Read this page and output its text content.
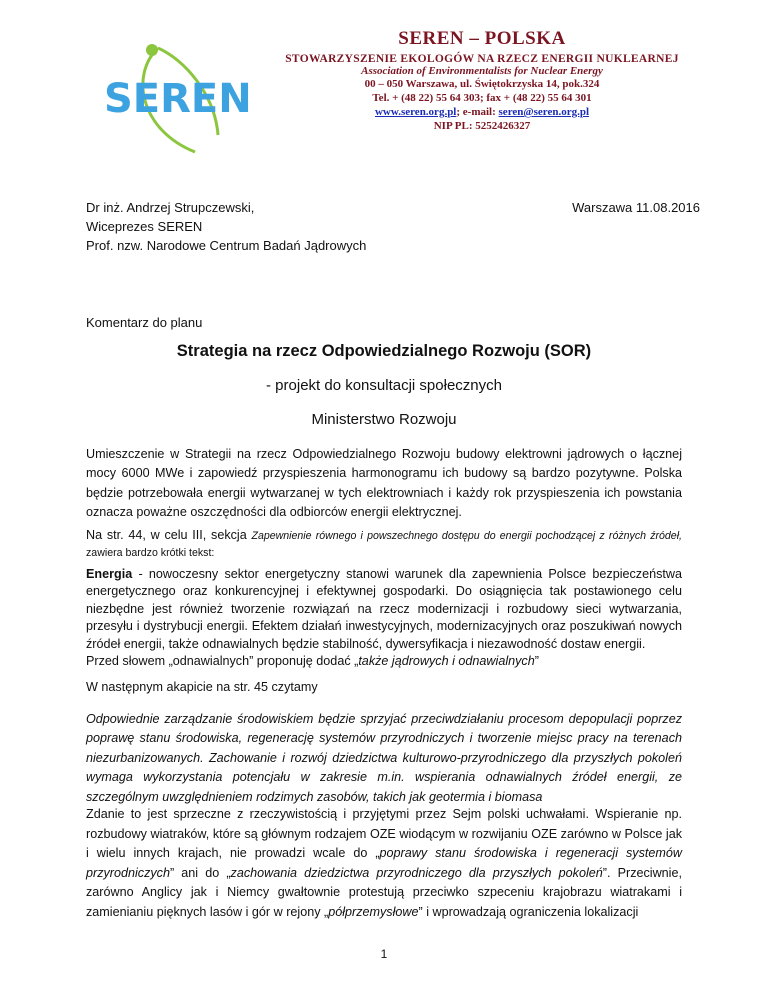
SEREN
SEREN – POLSKA
STOWARZYSZENIE EKOLOGÓW NA RZECZ ENERGII NUKLEARNEJ
Association of Environmentalists for Nuclear Energy
00 – 050 Warszawa, ul. Świętokrzyska 14, pok.324
Tel. + (48 22) 55 64 303; fax + (48 22) 55 64 301
www.seren.org.pl; e-mail: seren@seren.org.pl
NIP PL: 5252426327
Dr inż. Andrzej Strupczewski,
Wiceprezes SEREN
Prof. nzw. Narodowe Centrum Badań Jądrowych
Warszawa 11.08.2016
Komentarz do planu
Strategia na rzecz Odpowiedzialnego Rozwoju (SOR)
- projekt do konsultacji społecznych
Ministerstwo Rozwoju
Umieszczenie w Strategii na rzecz Odpowiedzialnego Rozwoju budowy elektrowni jądrowych o łącznej mocy 6000 MWe i zapowiedź przyspieszenia harmonogramu ich budowy są bardzo pozytywne. Polska będzie potrzebowała energii wytwarzanej w tych elektrowniach i każdy rok przyspieszenia ich powstania oznacza poważne oszczędności dla odbiorców energii elektrycznej.
Na str. 44, w celu III, sekcja Zapewnienie równego i powszechnego dostępu do energii pochodzącej z różnych źródeł, zawiera bardzo krótki tekst:
Energia - nowoczesny sektor energetyczny stanowi warunek dla zapewnienia Polsce bezpieczeństwa energetycznego oraz konkurencyjnej i efektywnej gospodarki. Do osiągnięcia tak postawionego celu niezbędne jest również tworzenie rozwiązań na rzecz modernizacji i rozbudowy sieci wytwarzania, przesyłu i dystrybucji energii. Efektem działań inwestycyjnych, modernizacyjnych oraz poszukiwań nowych źródeł energii, także odnawialnych będzie stabilność, dywersyfikacja i niezawodność dostaw energii.
Przed słowem „odnawialnych” proponuję dodać „także jądrowych i odnawialnych”
W następnym akapicie na str. 45 czytamy
Odpowiednie zarządzanie środowiskiem będzie sprzyjać przeciwdziałaniu procesom depopulacji poprzez poprawę stanu środowiska, regenerację systemów przyrodniczych i tworzenie miejsc pracy na terenach niezurbanizowanych. Zachowanie i rozwój dziedzictwa kulturowo-przyrodniczego dla przyszłych pokoleń wymaga wykorzystania potencjału w zakresie m.in. wspierania odnawialnych źródeł energii, ze szczególnym uwzględnieniem rodzimych zasobów, takich jak geotermia i biomasa
Zdanie to jest sprzeczne z rzeczywistością i przyjętymi przez Sejm polski uchwałami. Wspieranie np. rozbudowy wiatraków, które są głównym rodzajem OZE wiodącym w rozwijaniu OZE zarówno w Polsce jak i wielu innych krajach, nie prowadzi wcale do „poprawy stanu środowiska i regeneracji systemów przyrodniczych” ani do „zachowania dziedzictwa przyrodniczego dla przyszłych pokoleń”. Przeciwnie, zarówno Anglicy jak i Niemcy gwałtownie protestują przeciwko szpeceniu krajobrazu wiatrakami i zamienianiu pięknych lasów i gór w rejony „półprzemysłowe” i wprowadzają ograniczenia lokalizacji
1
